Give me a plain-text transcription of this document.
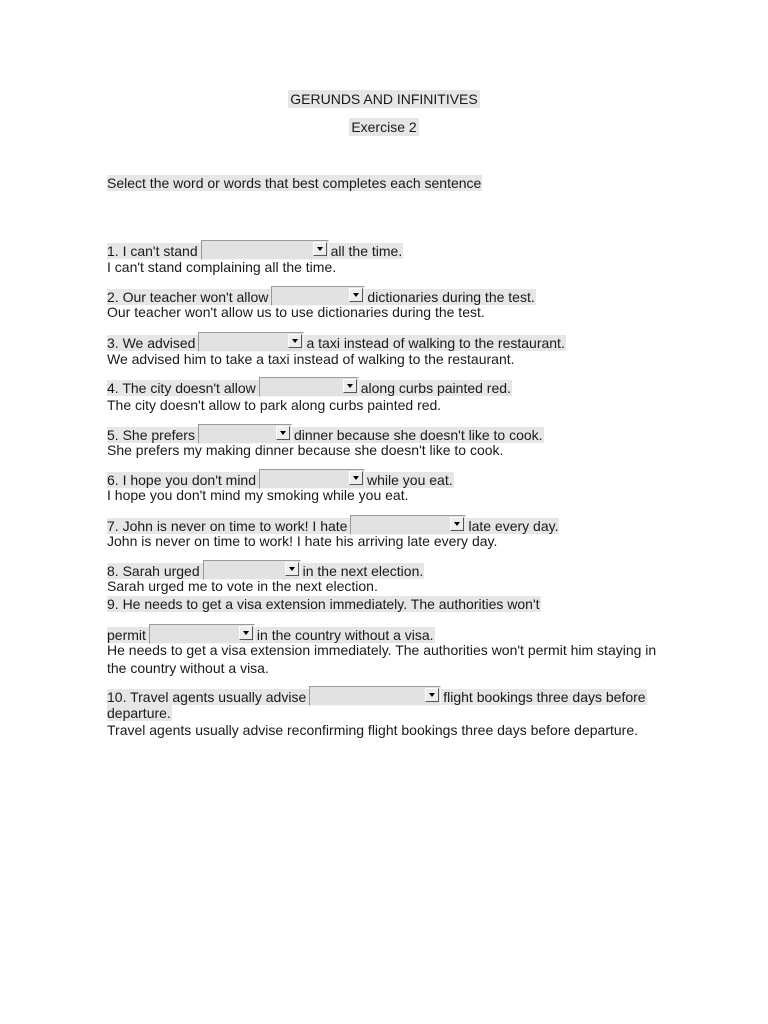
GERUNDS AND INFINITIVES
Exercise 2
Select the word or words that best completes each sentence
1. I can't stand	all the time.
I can't stand complaining all the time.
2. Our teacher won't allow	dictionaries during the test.
Our teacher won't allow us to use dictionaries during the test.
3. We advised	a taxi instead of walking to the restaurant.
We advised him to take a taxi instead of walking to the restaurant.
4. The city doesn't allow	along curbs painted red.
The city doesn't allow to park along curbs painted red.
5. She prefers	dinner because she doesn't like to cook.
She prefers my making dinner because she doesn't like to cook.
6. I hope you don't mind	while you eat.
I hope you don't mind my smoking while you eat.
7. John is never on time to work! I hate	late every day.
John is never on time to work! I hate his arriving late every day.
8. Sarah urged	in the next election.
Sarah urged me to vote in the next election.
9. He needs to get a visa extension immediately. The authorities won't
permit	in the country without a visa.
He needs to get a visa extension immediately. The authorities won't permit him staying in
the country without a visa.
10. Travel agents usually advise	flight bookings three days before
departure.
Travel agents usually advise reconfirming flight bookings three days before departure.
